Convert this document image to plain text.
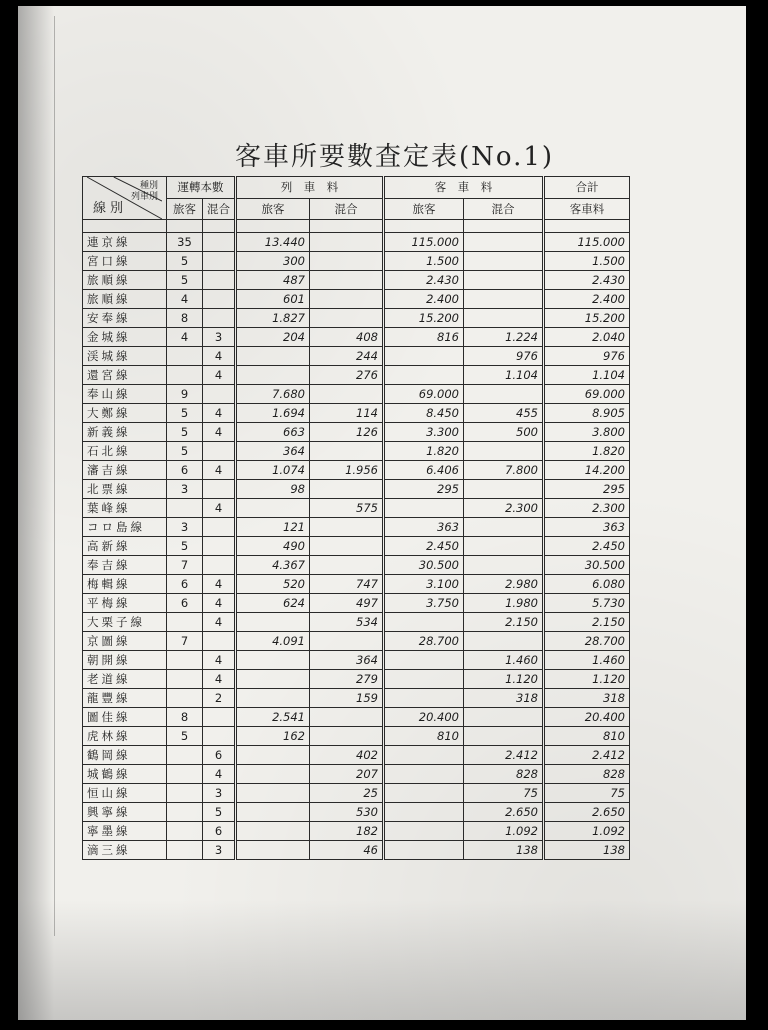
客車所要數査定表(No.1)
種別
列車別
線別	運轉本數		列　車　料		客　車　料		合計
	旅客	混合	旅客	混合	旅客	混合	客車料

連京線	35		13.440		115.000		115.000
宮口線	5		300		1.500		1.500
旅順線	5		487		2.430		2.430
旅順線	4		601		2.400		2.400
安奉線	8		1.827		15.200		15.200
金城線	4	3	204	408	816	1.224	2.040
渓城線		4		244		976	976
還宮線		4		276		1.104	1.104
奉山線	9		7.680		69.000		69.000
大鄭線	5	4	1.694	114	8.450	455	8.905
新義線	5	4	663	126	3.300	500	3.800
石北線	5		364		1.820		1.820
瀋吉線	6	4	1.074	1.956	6.406	7.800	14.200
北票線	3		98		295		295
葉峰線		4		575		2.300	2.300
コロ島線	3		121		363		363
高新線	5		490		2.450		2.450
奉吉線	7		4.367		30.500		30.500
梅輯線	6	4	520	747	3.100	2.980	6.080
平梅線	6	4	624	497	3.750	1.980	5.730
大栗子線		4		534		2.150	2.150
京圖線	7		4.091		28.700		28.700
朝開線		4		364		1.460	1.460
老道線		4		279		1.120	1.120
龍豐線		2		159		318	318
圖佳線	8		2.541		20.400		20.400
虎林線	5		162		810		810
鶴岡線		6		402		2.412	2.412
城鶴線		4		207		828	828
恒山線		3		25		75	75
興寧線		5		530		2.650	2.650
寧墨線		6		182		1.092	1.092
滴三線		3		46		138	138
